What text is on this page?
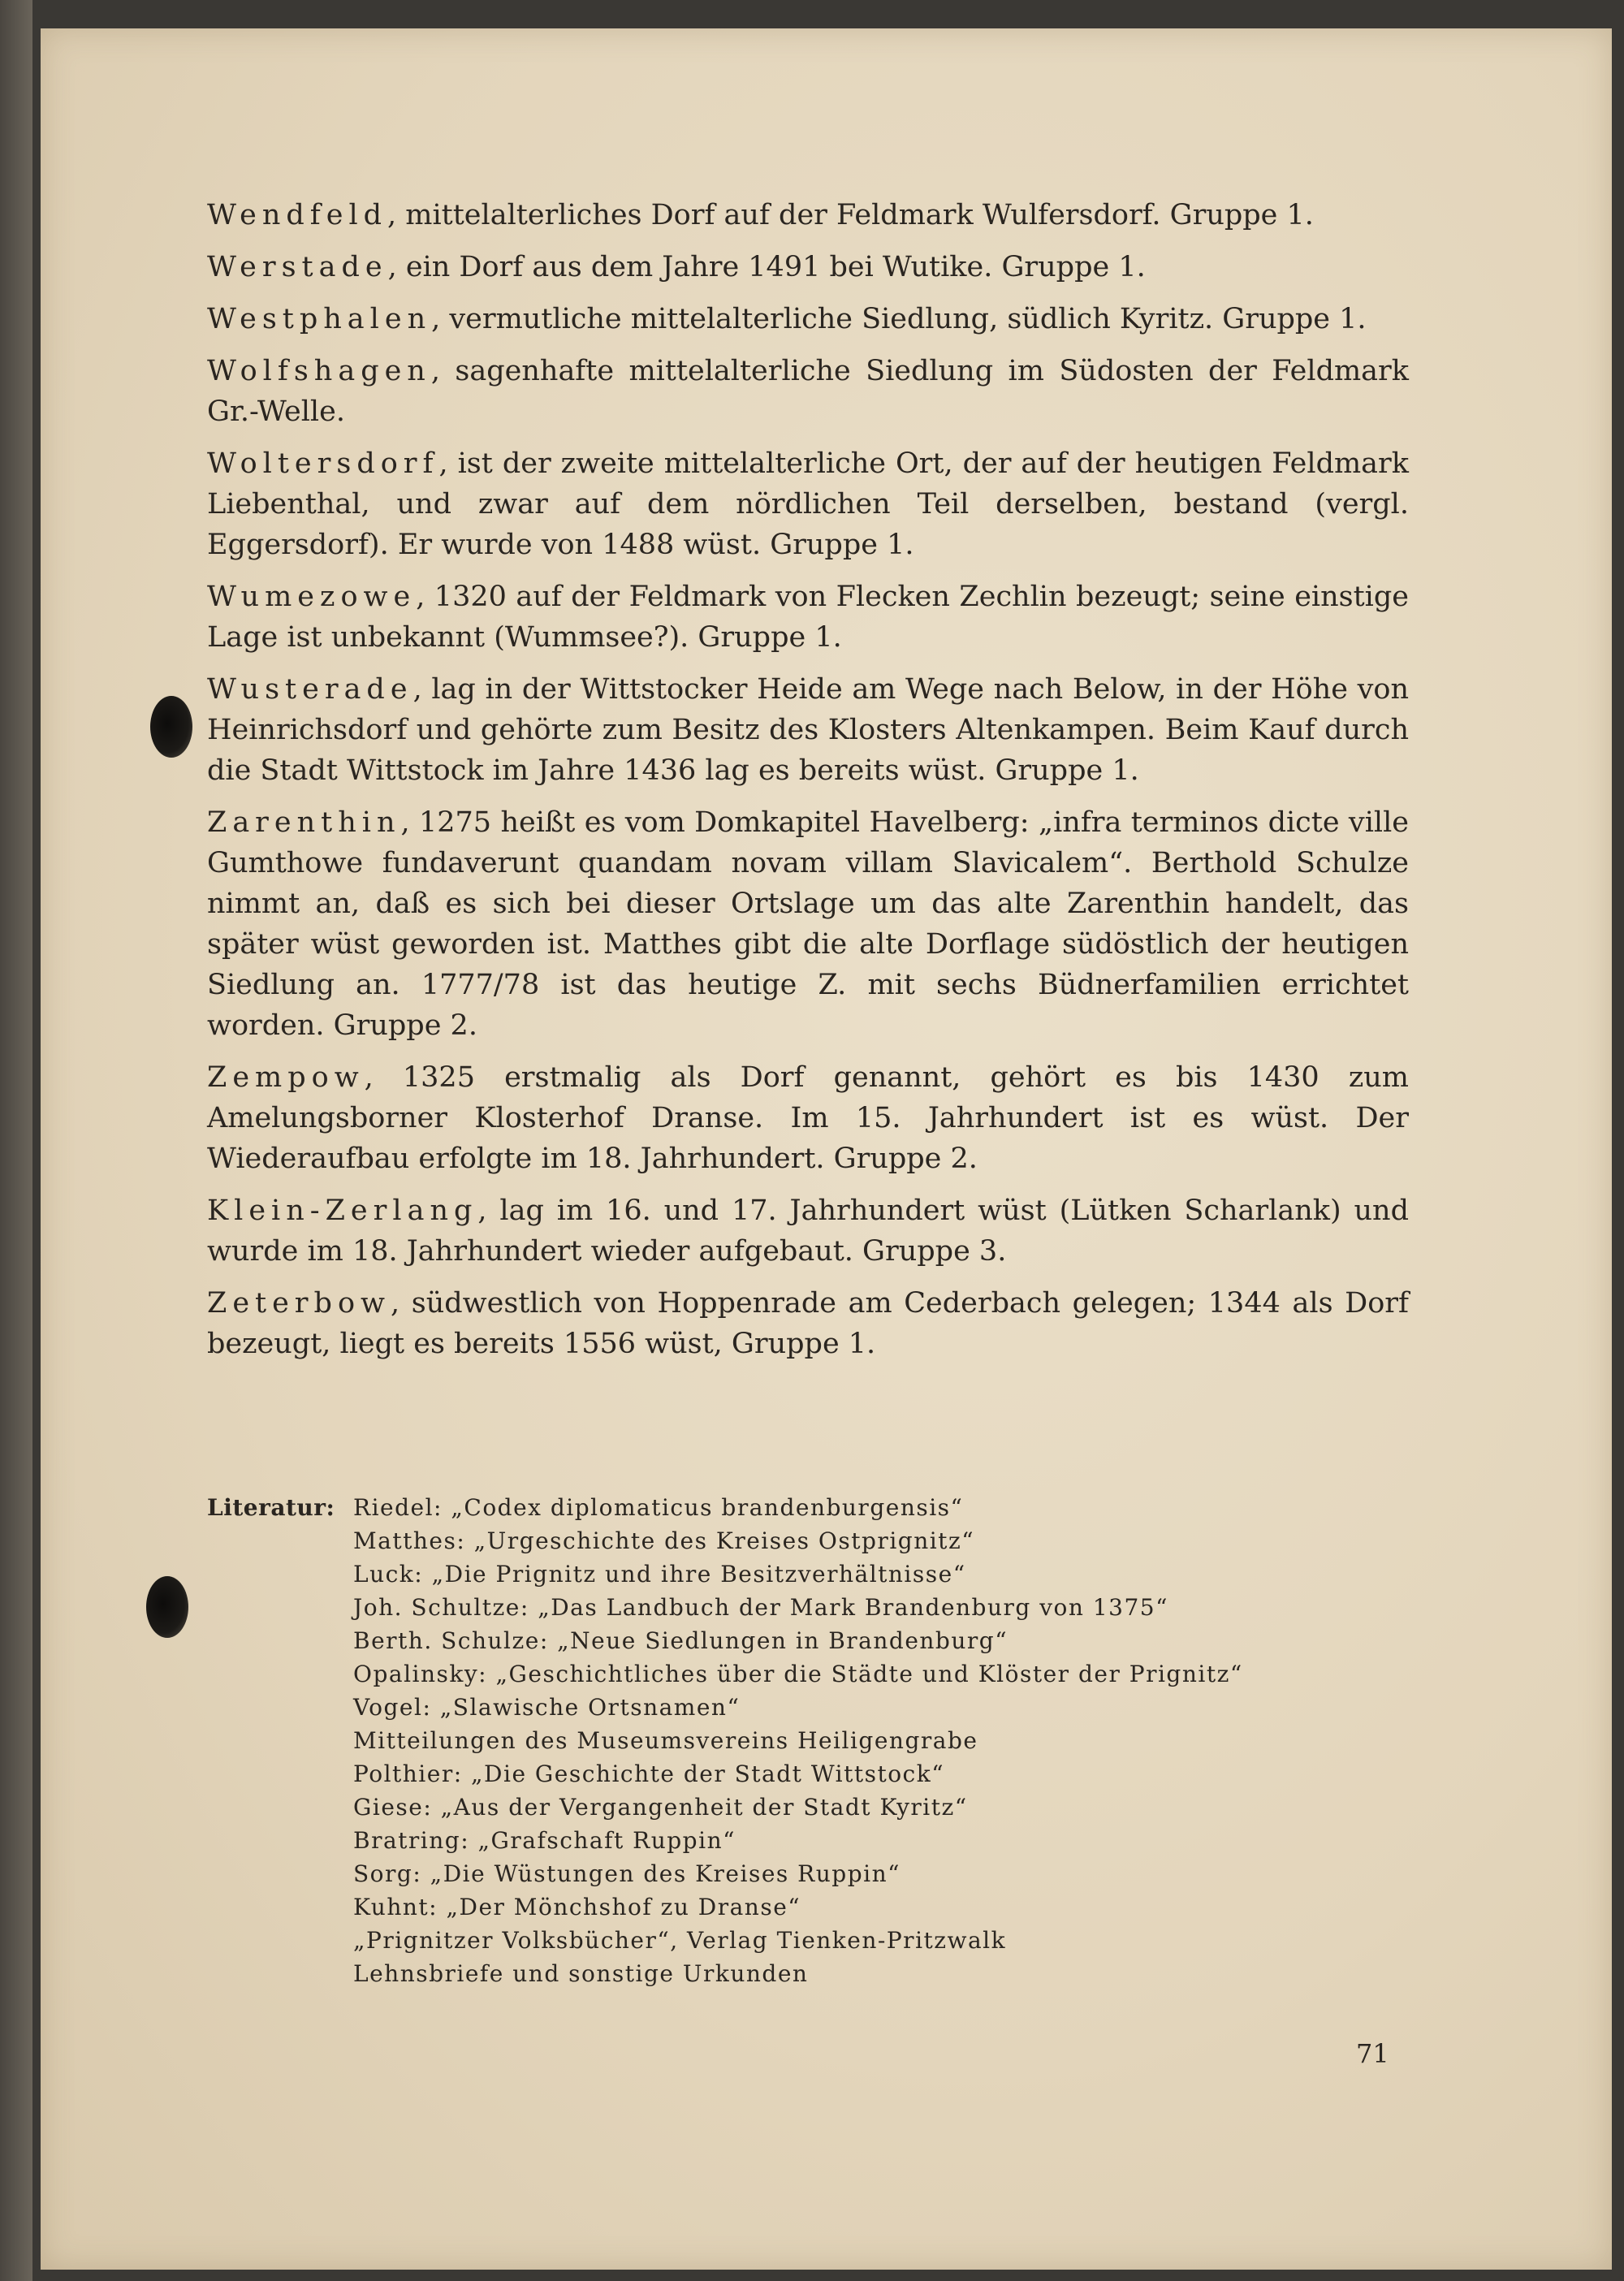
Wendfeld, mittelalterliches Dorf auf der Feldmark Wulfersdorf. Gruppe 1.

Werstade, ein Dorf aus dem Jahre 1491 bei Wutike. Gruppe 1.

Westphalen, vermutliche mittelalterliche Siedlung, südlich Kyritz. Gruppe 1.

Wolfshagen, sagenhafte mittelalterliche Siedlung im Südosten der Feldmark Gr.-Welle.

Woltersdorf, ist der zweite mittelalterliche Ort, der auf der heutigen Feldmark Liebenthal, und zwar auf dem nördlichen Teil derselben, bestand (vergl. Eggersdorf). Er wurde von 1488 wüst. Gruppe 1.

Wumezowe, 1320 auf der Feldmark von Flecken Zechlin bezeugt; seine einstige Lage ist unbekannt (Wummsee?). Gruppe 1.

Wusterade, lag in der Wittstocker Heide am Wege nach Below, in der Höhe von Heinrichsdorf und gehörte zum Besitz des Klosters Altenkampen. Beim Kauf durch die Stadt Wittstock im Jahre 1436 lag es bereits wüst. Gruppe 1.

Zarenthin, 1275 heißt es vom Domkapitel Havelberg: „infra terminos dicte ville Gumthowe fundaverunt quandam novam villam Slavicalem“. Berthold Schulze nimmt an, daß es sich bei dieser Ortslage um das alte Zarenthin handelt, das später wüst geworden ist. Matthes gibt die alte Dorflage südöstlich der heutigen Siedlung an. 1777/78 ist das heutige Z. mit sechs Büdnerfamilien errichtet worden. Gruppe 2.

Zempow, 1325 erstmalig als Dorf genannt, gehört es bis 1430 zum Amelungsborner Klosterhof Dranse. Im 15. Jahrhundert ist es wüst. Der Wiederaufbau erfolgte im 18. Jahrhundert. Gruppe 2.

Klein-Zerlang, lag im 16. und 17. Jahrhundert wüst (Lütken Scharlank) und wurde im 18. Jahrhundert wieder aufgebaut. Gruppe 3.

Zeterbow, südwestlich von Hoppenrade am Cederbach gelegen; 1344 als Dorf bezeugt, liegt es bereits 1556 wüst, Gruppe 1.

Literatur: Riedel: „Codex diplomaticus brandenburgensis“
Matthes: „Urgeschichte des Kreises Ostprignitz“
Luck: „Die Prignitz und ihre Besitzverhältnisse“
Joh. Schultze: „Das Landbuch der Mark Brandenburg von 1375“
Berth. Schulze: „Neue Siedlungen in Brandenburg“
Opalinsky: „Geschichtliches über die Städte und Klöster der Prignitz“
Vogel: „Slawische Ortsnamen“
Mitteilungen des Museumsvereins Heiligengrabe
Polthier: „Die Geschichte der Stadt Wittstock“
Giese: „Aus der Vergangenheit der Stadt Kyritz“
Bratring: „Grafschaft Ruppin“
Sorg: „Die Wüstungen des Kreises Ruppin“
Kuhnt: „Der Mönchshof zu Dranse“
„Prignitzer Volksbücher“, Verlag Tienken-Pritzwalk
Lehnsbriefe und sonstige Urkunden
71
